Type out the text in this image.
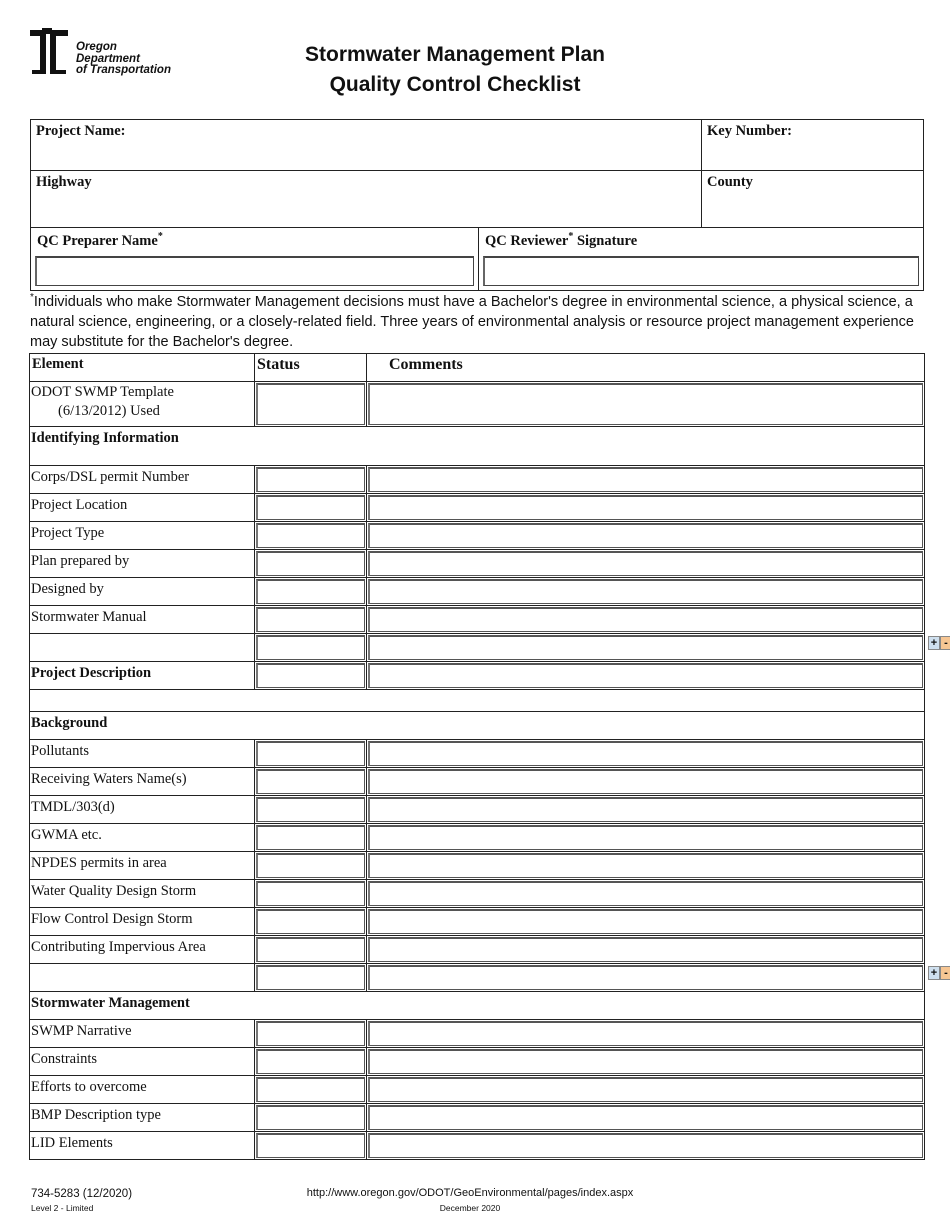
Oregon
Department
of Transportation
Stormwater Management Plan
Quality Control Checklist
Project Name:	Key Number:
Highway	County
QC Preparer Name*	QC Reviewer* Signature
*Individuals who make Stormwater Management decisions must have a Bachelor's degree in environmental science, a physical science, a natural science, engineering, or a closely-related field. Three years of environmental analysis or resource project management experience may substitute for the Bachelor's degree.
Element	Status	Comments
ODOT SWMP Template
(6/13/2012) Used
Identifying Information
Corps/DSL permit Number
Project Location
Project Type
Plan prepared by
Designed by
Stormwater Manual
+ -
Project Description
Background
Pollutants
Receiving Waters Name(s)
TMDL/303(d)
GWMA etc.
NPDES permits in area
Water Quality Design Storm
Flow Control Design Storm
Contributing Impervious Area
+ -
Stormwater Management
SWMP Narrative
Constraints
Efforts to overcome
BMP Description type
LID Elements
734-5283 (12/2020)
Level 2 - Limited
http://www.oregon.gov/ODOT/GeoEnvironmental/pages/index.aspx
December 2020
